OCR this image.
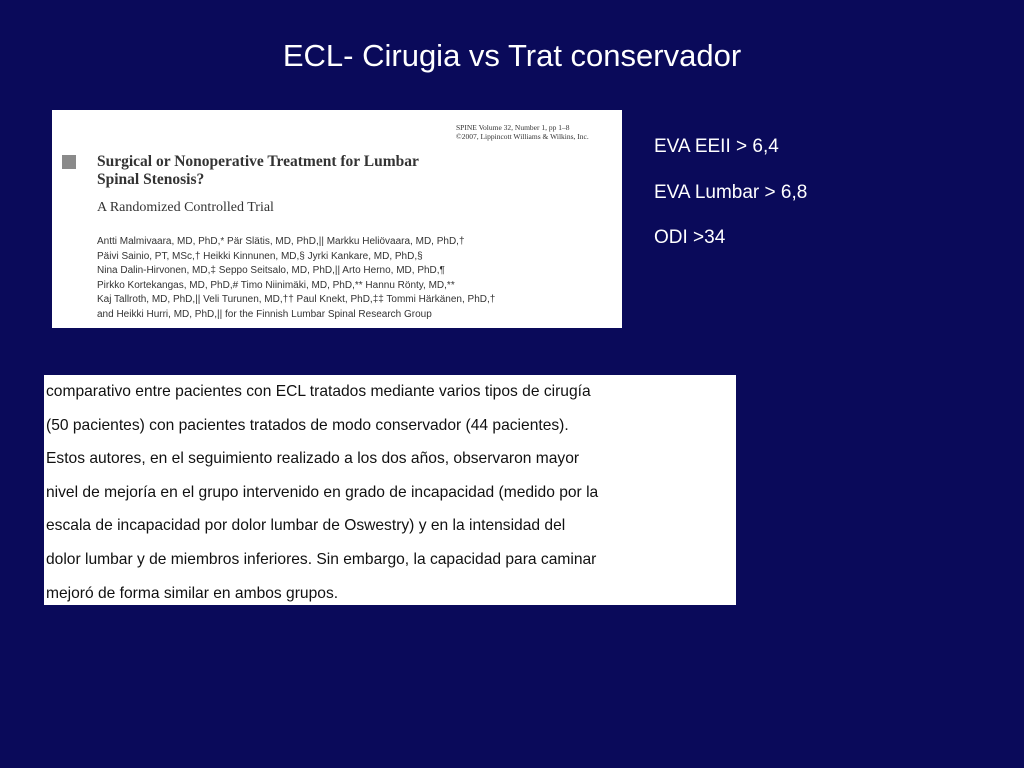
ECL- Cirugia vs Trat conservador
SPINE Volume 32, Number 1, pp 1–8
©2007, Lippincott Williams & Wilkins, Inc.
Surgical or Nonoperative Treatment for Lumbar
Spinal Stenosis?
A Randomized Controlled Trial
Antti Malmivaara, MD, PhD,* Pär Slätis, MD, PhD,|| Markku Heliövaara, MD, PhD,†
Päivi Sainio, PT, MSc,† Heikki Kinnunen, MD,§ Jyrki Kankare, MD, PhD,§
Nina Dalin-Hirvonen, MD,‡ Seppo Seitsalo, MD, PhD,|| Arto Herno, MD, PhD,¶
Pirkko Kortekangas, MD, PhD,# Timo Niinimäki, MD, PhD,** Hannu Rönty, MD,**
Kaj Tallroth, MD, PhD,|| Veli Turunen, MD,†† Paul Knekt, PhD,‡‡ Tommi Härkänen, PhD,†
and Heikki Hurri, MD, PhD,|| for the Finnish Lumbar Spinal Research Group
EVA EEII > 6,4
EVA Lumbar > 6,8
ODI >34

comparativo entre pacientes con ECL tratados mediante varios tipos de cirugía

(50 pacientes) con pacientes tratados de modo conservador (44 pacientes).

Estos autores, en el seguimiento realizado a los dos años, observaron mayor

nivel de mejoría en el grupo intervenido en grado de incapacidad (medido por la

escala de incapacidad por dolor lumbar de Oswestry) y en la intensidad del

dolor lumbar y de miembros inferiores. Sin embargo, la capacidad para caminar

mejoró de forma similar en ambos grupos.
